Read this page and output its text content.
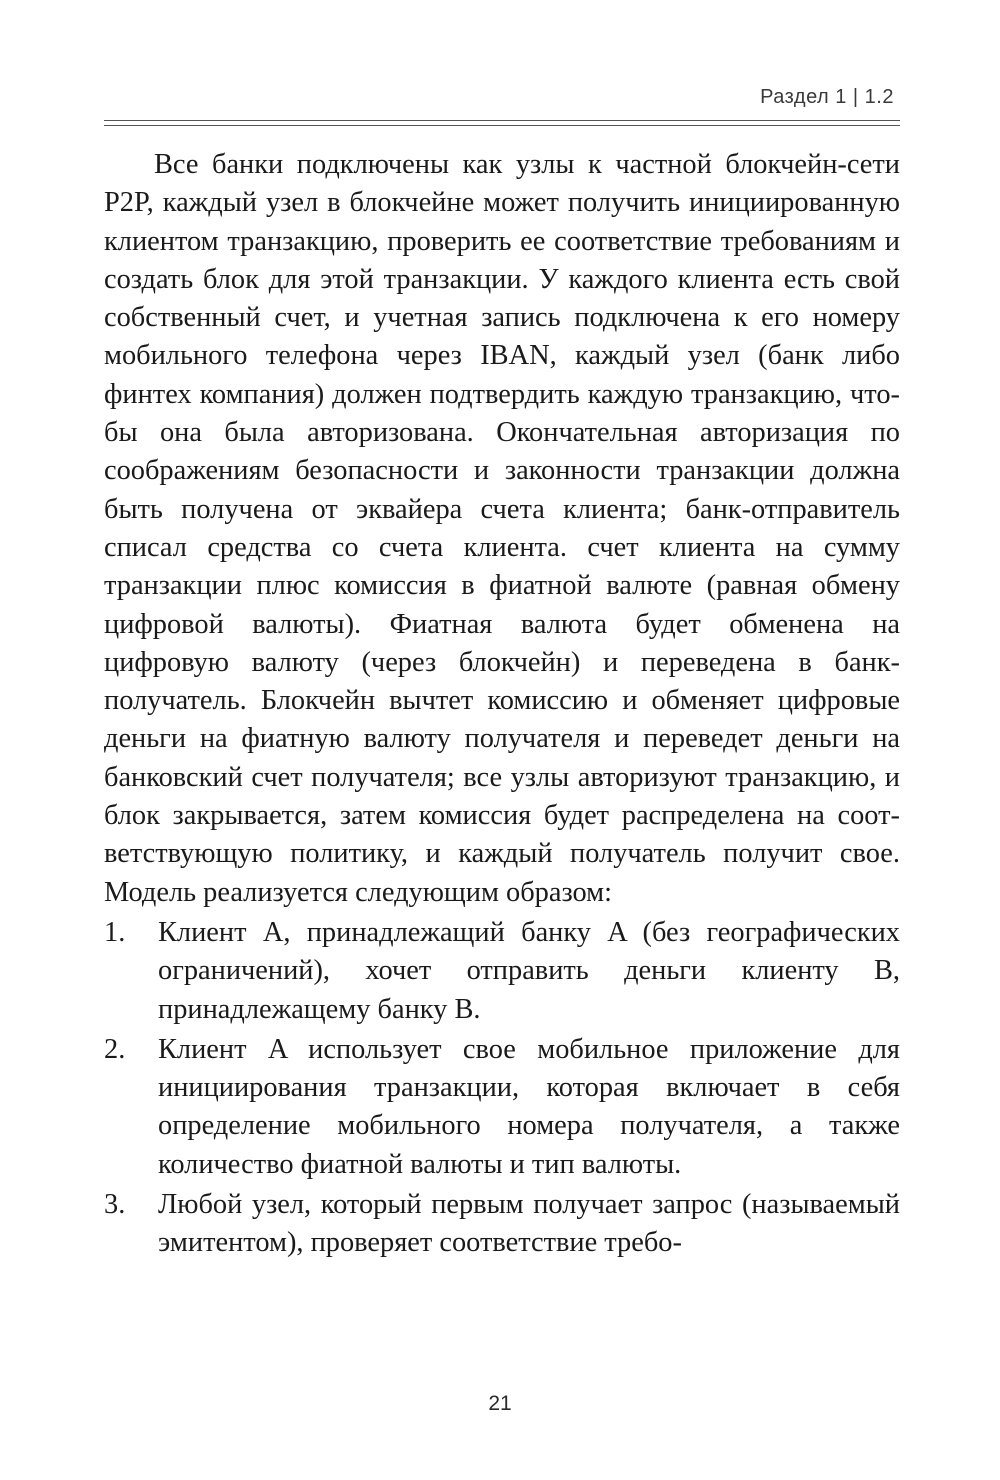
Раздел 1 | 1.2

Все банки подключены как узлы к частной блокчейн-сети P2P, каждый узел в блокчейне может получить инициированную клиентом транзакцию, проверить ее соответствие требованиям и создать блок для этой транзакции. У каждого клиента есть свой собственный счет, и учетная запись подключена к его номеру мобильного телефона через IBAN, каждый узел (банк либо финтех компания) должен подтвердить каждую транзакцию, чтобы она была авторизована. Окончательная авторизация по соображениям безопасности и законности транзакции должна быть получена от эквайера счета клиента; банк-отправитель списал средства со счета клиента. счет клиента на сумму транзакции плюс комиссия в фиатной валюте (равная обмену цифровой валюты). Фиатная валюта будет обменена на цифровую валюту (через блокчейн) и переведена в банк-получатель. Блокчейн вычтет комиссию и обменяет цифровые деньги на фиатную валюту получателя и переведет деньги на банковский счет получателя; все узлы авторизуют транзакцию, и блок закрывается, затем комиссия будет распределена на соответствующую политику, и каждый получатель получит свое. Модель реализуется следующим образом:

1. Клиент A, принадлежащий банку A (без географических ограничений), хочет отправить деньги клиенту B, принадлежащему банку B.
2. Клиент A использует свое мобильное приложение для инициирования транзакции, которая включает в себя определение мобильного номера получателя, а также количество фиатной валюты и тип валюты.
3. Любой узел, который первым получает запрос (называемый эмитентом), проверяет соответствие требо-
21
